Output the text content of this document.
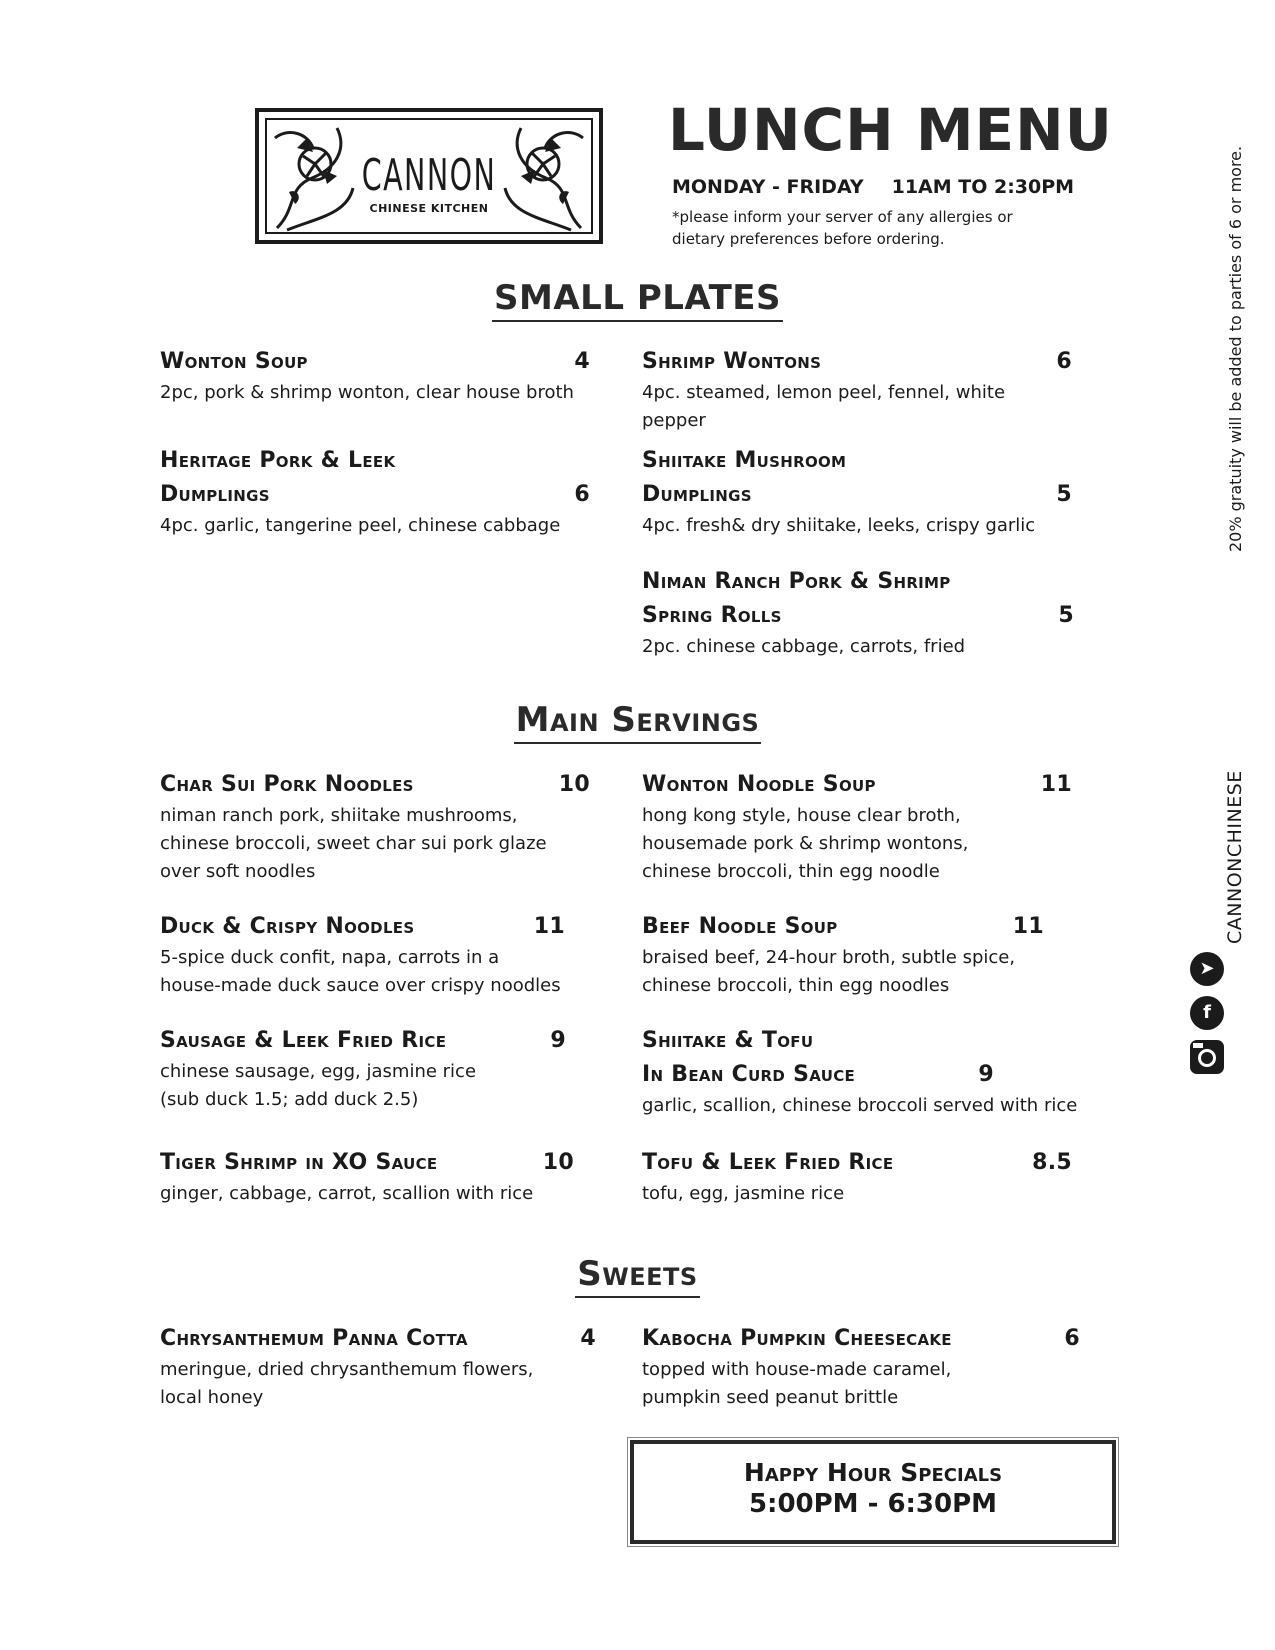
CANNON
CHINESE KITCHEN
LUNCH MENU
MONDAY - FRIDAY 11AM TO 2:30PM
*please inform your server of any allergies or
dietary preferences before ordering.	20% gratuity will be added to parties of 6 or more.
CANNONCHINESE
➤
f
SMALL PLATES
Wonton Soup	4
2pc, pork & shrimp wonton, clear house broth
Shrimp Wontons	6
4pc. steamed, lemon peel, fennel, white pepper
Heritage Pork & Leek
Dumplings	6
4pc. garlic, tangerine peel, chinese cabbage
Shiitake Mushroom
Dumplings	5
4pc. fresh& dry shiitake, leeks, crispy garlic
Niman Ranch Pork & Shrimp
Spring Rolls	5
2pc. chinese cabbage, carrots, fried
Main Servings
Char Sui Pork Noodles	10
niman ranch pork, shiitake mushrooms,
chinese broccoli, sweet char sui pork glaze
over soft noodles
Wonton Noodle Soup	11
hong kong style, house clear broth,
housemade pork & shrimp wontons,
chinese broccoli, thin egg noodle
Duck & Crispy Noodles	11
5-spice duck confit, napa, carrots in a
house-made duck sauce over crispy noodles
Beef Noodle Soup	11
braised beef, 24-hour broth, subtle spice,
chinese broccoli, thin egg noodles
Sausage & Leek Fried Rice	9
chinese sausage, egg, jasmine rice
(sub duck 1.5; add duck 2.5)
Shiitake & Tofu
In Bean Curd Sauce	9
garlic, scallion, chinese broccoli served with rice
Tiger Shrimp in XO Sauce	10
ginger, cabbage, carrot, scallion with rice
Tofu & Leek Fried Rice	8.5
tofu, egg, jasmine rice
Sweets
Chrysanthemum Panna Cotta	4
meringue, dried chrysanthemum flowers,
local honey
Kabocha Pumpkin Cheesecake	6
topped with house-made caramel,
pumpkin seed peanut brittle
Happy Hour Specials
5:00PM - 6:30PM
